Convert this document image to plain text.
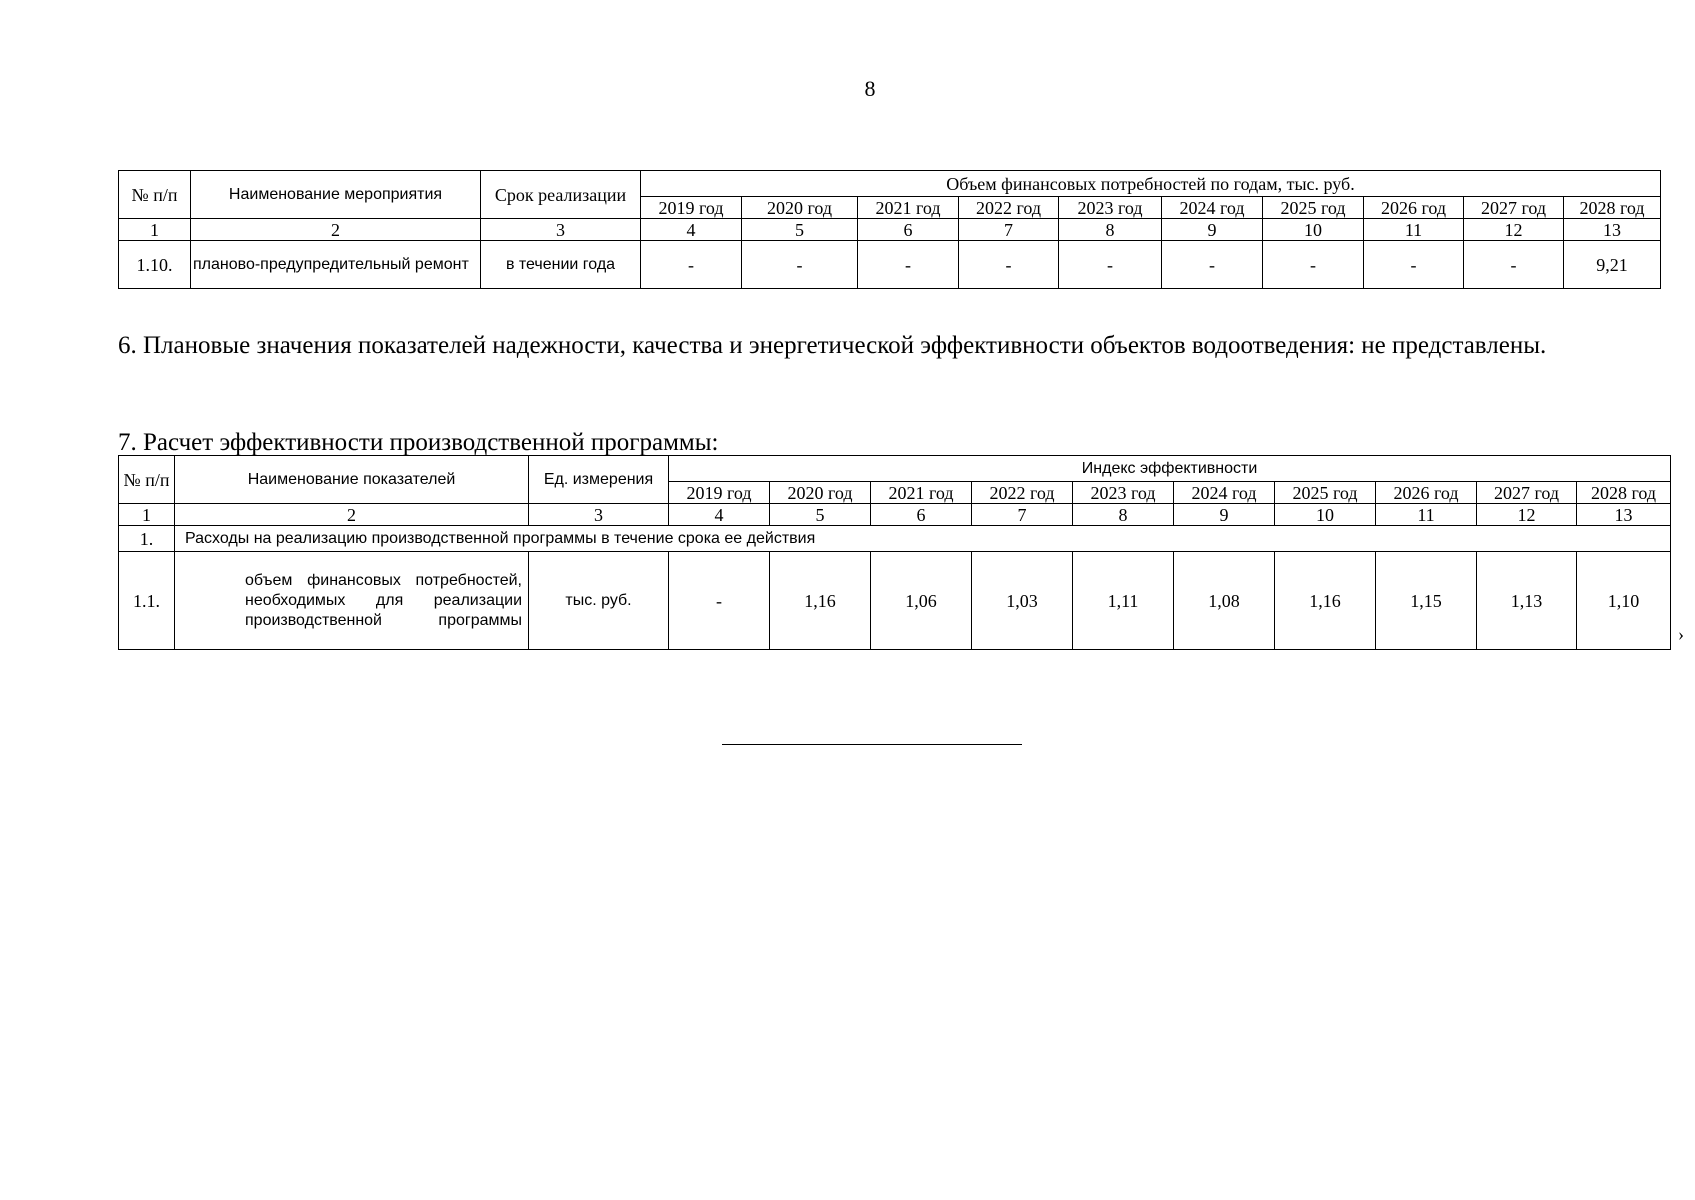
8
№ п/п	Наименование мероприятия	Срок реализации	Объем финансовых потребностей по годам, тыс. руб.									
			2019 год	2020 год	2021 год	2022 год	2023 год	2024 год	2025 год	2026 год	2027 год	2028 год
1	2	3	4	5	6	7	8	9	10	11	12	13
1.10.	планово-предупредительный ремонт	в течении года	-	-	-	-	-	-	-	-	-	9,21
6. Плановые значения показателей надежности, качества и энергетической эффективности объектов водоотведения: не представлены.
7. Расчет эффективности производственной программы:
№ п/п	Наименование показателей	Ед. измерения	Индекс эффективности									
			2019 год	2020 год	2021 год	2022 год	2023 год	2024 год	2025 год	2026 год	2027 год	2028 год
1	2	3	4	5	6	7	8	9	10	11	12	13
1.	Расходы на реализацию производственной программы в течение срока ее действия											
1.1.	объем финансовых потребностей, необходимых для реализации производственной программы	тыс. руб.	-	1,16	1,06	1,03	1,11	1,08	1,16	1,15	1,13	1,10
›
